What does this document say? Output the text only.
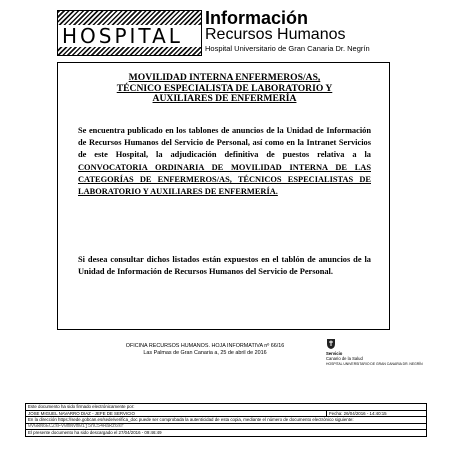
HOSPITAL
Información
Recursos Humanos
Hospital Universitario de Gran Canaria Dr. Negrín
MOVILIDAD INTERNA ENFERMEROS/AS,
TÉCNICO ESPECIALISTA DE LABORATORIO Y
AUXILIARES DE ENFERMERÍA
Se encuentra publicado en los tablones de anuncios de la Unidad de Información de Recursos Humanos del Servicio de Personal, así como en la Intranet Servicios de este Hospital, la adjudicación definitiva de puestos relativa a la CONVOCATORIA ORDINARIA DE MOVILIDAD INTERNA DE LAS CATEGORÍAS DE ENFERMEROS/AS, TÉCNICOS ESPECIALISTAS DE LABORATORIO Y AUXILIARES DE ENFERMERÍA.
Si desea consultar dichos listados están expuestos en el tablón de anuncios de la Unidad de Información de Recursos Humanos del Servicio de Personal.
OFICINA RECURSOS HUMANOS. HOJA INFORMATIVA nº 66/16
Las Palmas de Gran Canaria a, 25 de abril de 2016	Servicio
Canario de la Salud
HOSPITAL UNIVERSITARIO DE GRAN CANARIA DR. NEGRÍN
Este documento ha sido firmado electrónicamente por:
JOSE MIGUEL NAVARRO DIAZ - JEFE DE SERVICIO	Fecha: 26/04/2016 - 14:40:15
En la dirección https://sede.gobcan.es/sede/verifica_doc puede ser comprobada la autenticidad de esta copia, mediante el número de documento electrónico siguiente:
0vGwN6ECZsFV0mNVm01j5hC54HaRz6sr
El presente documento ha sido descargado el 27/04/2016 - 09:46:49
